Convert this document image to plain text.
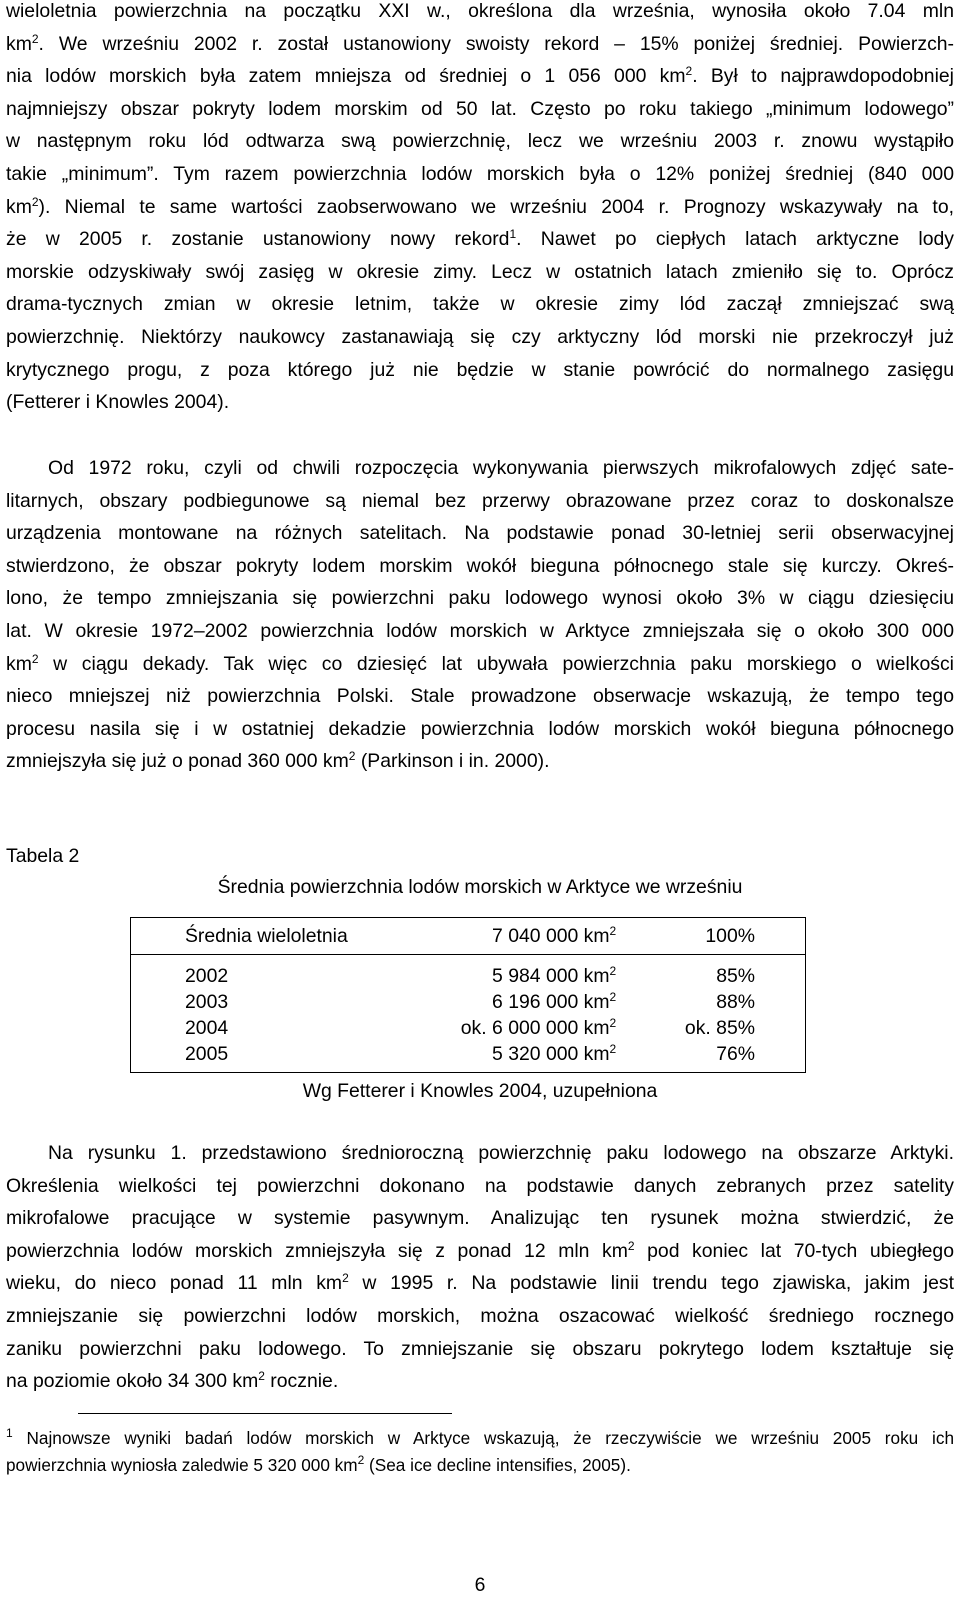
wieloletnia powierzchnia na początku XXI w., określona dla września, wynosiła około 7.04 mln
$km^2$. We wrześniu 2002 r. został ustanowiony swoisty rekord – 15% poniżej średniej. Powierzch-
nia lodów morskich była zatem mniejsza od średniej o 1 056 000 $km^2$. Był to najprawdopodobniej
najmniejszy obszar pokryty lodem morskim od 50 lat. Często po roku takiego „minimum lodowego”
w następnym roku lód odtwarza swą powierzchnię, lecz we wrześniu 2003 r. znowu wystąpiło
takie „minimum”. Tym razem powierzchnia lodów morskich była o 12% poniżej średniej (840 000
$km^2$). Niemal te same wartości zaobserwowano we wrześniu 2004 r. Prognozy wskazywały na to,
że w 2005 r. zostanie ustanowiony nowy rekord$^1$. Nawet po ciepłych latach arktyczne lody
morskie odzyskiwały swój zasięg w okresie zimy. Lecz w ostatnich latach zmieniło się to. Oprócz
drama-tycznych zmian w okresie letnim, także w okresie zimy lód zaczął zmniejszać swą
powierzchnię. Niektórzy naukowcy zastanawiają się czy arktyczny lód morski nie przekroczył już
krytycznego progu, z poza którego już nie będzie w stanie powrócić do normalnego zasięgu
(Fetterer i Knowles 2004).

Od 1972 roku, czyli od chwili rozpoczęcia wykonywania pierwszych mikrofalowych zdjęć sate-
litarnych, obszary podbiegunowe są niemal bez przerwy obrazowane przez coraz to doskonalsze
urządzenia montowane na różnych satelitach. Na podstawie ponad 30-letniej serii obserwacyjnej
stwierdzono, że obszar pokryty lodem morskim wokół bieguna północnego stale się kurczy. Okreś-
lono, że tempo zmniejszania się powierzchni paku lodowego wynosi około 3% w ciągu dziesięciu
lat. W okresie 1972–2002 powierzchnia lodów morskich w Arktyce zmniejszała się o około 300 000
$km^2$ w ciągu dekady. Tak więc co dziesięć lat ubywała powierzchnia paku morskiego o wielkości
nieco mniejszej niż powierzchnia Polski. Stale prowadzone obserwacje wskazują, że tempo tego
procesu nasila się i w ostatniej dekadzie powierzchnia lodów morskich wokół bieguna północnego
zmniejszyła się już o ponad 360 000 $km^2$ (Parkinson i in. 2000).

Tabela 2
Średnia powierzchnia lodów morskich w Arktyce we wrześniu
Średnia wieloletnia	7 040 000 $km^2$	100%
2002	5 984 000 $km^2$	85%
2003	6 196 000 $km^2$	88%
2004	ok. 6 000 000 $km^2$	ok. 85%
2005	5 320 000 $km^2$	76%
Wg Fetterer i Knowles 2004, uzupełniona

Na rysunku 1. przedstawiono średnioroczną powierzchnię paku lodowego na obszarze Arktyki.
Określenia wielkości tej powierzchni dokonano na podstawie danych zebranych przez satelity
mikrofalowe pracujące w systemie pasywnym. Analizując ten rysunek można stwierdzić, że
powierzchnia lodów morskich zmniejszyła się z ponad 12 mln $km^2$ pod koniec lat 70-tych ubiegłego
wieku, do nieco ponad 11 mln $km^2$ w 1995 r. Na podstawie linii trendu tego zjawiska, jakim jest
zmniejszanie się powierzchni lodów morskich, można oszacować wielkość średniego rocznego
zaniku powierzchni paku lodowego. To zmniejszanie się obszaru pokrytego lodem kształtuje się
na poziomie około 34 300 $km^2$ rocznie.

$^1$ Najnowsze wyniki badań lodów morskich w Arktyce wskazują, że rzeczywiście we wrześniu 2005 roku ich
powierzchnia wyniosła zaledwie 5 320 000 $km^2$ (Sea ice decline intensifies, 2005).
6
